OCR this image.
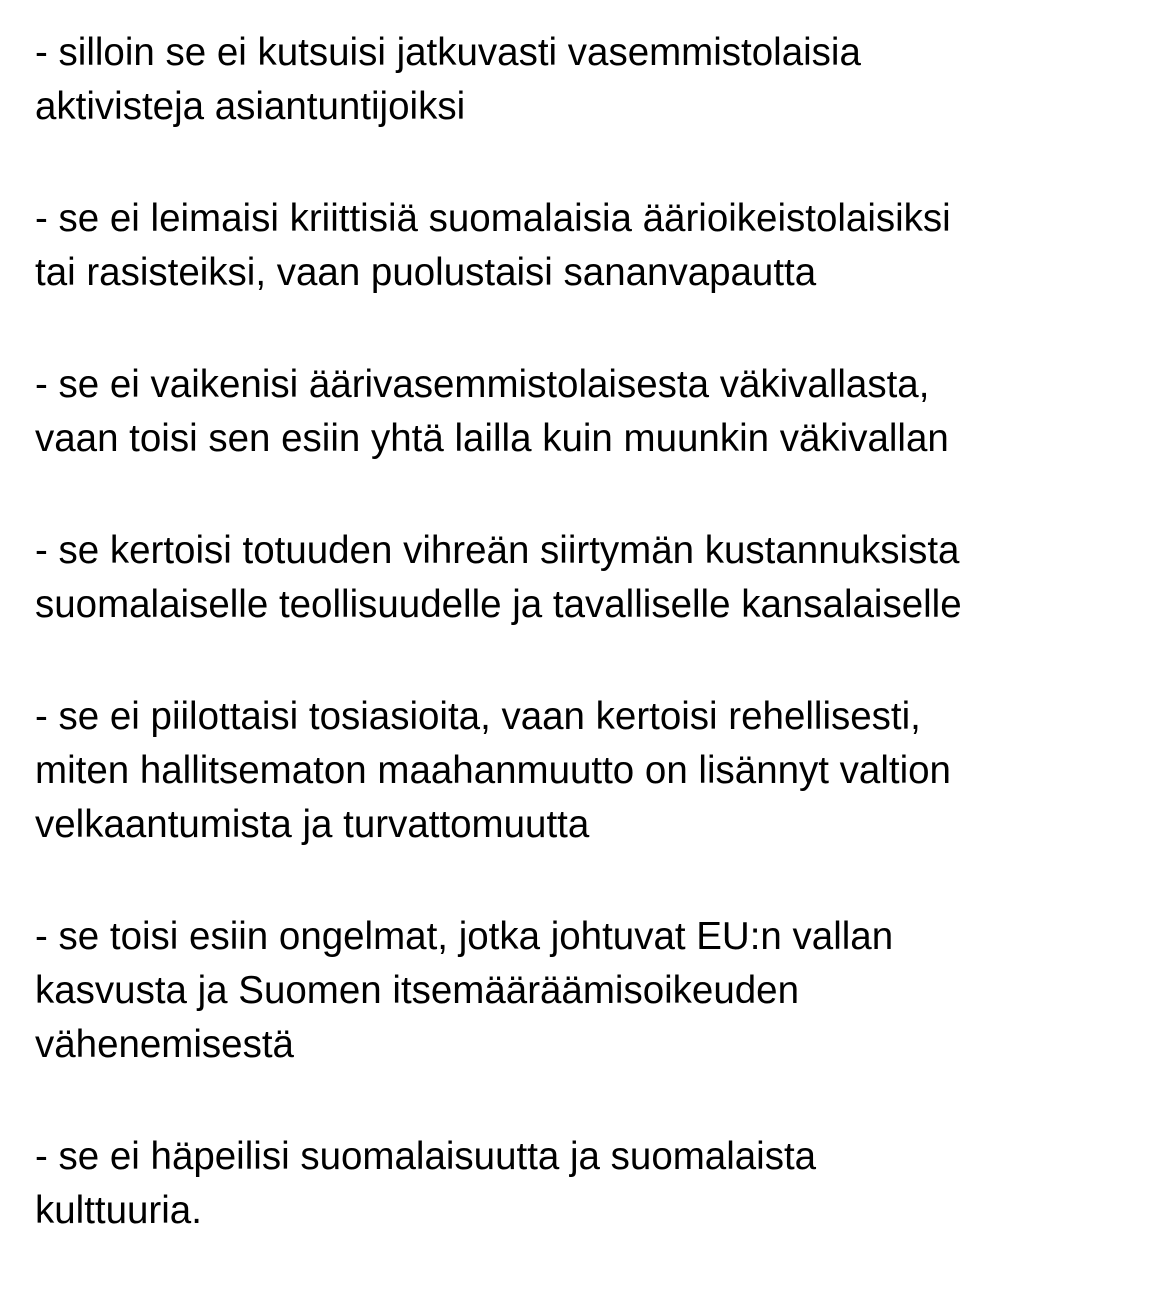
- silloin se ei kutsuisi jatkuvasti vasemmistolaisia
aktivisteja asiantuntijoiksi

- se ei leimaisi kriittisiä suomalaisia äärioikeistolaisiksi
tai rasisteiksi, vaan puolustaisi sananvapautta

- se ei vaikenisi äärivasemmistolaisesta väkivallasta,
vaan toisi sen esiin yhtä lailla kuin muunkin väkivallan

- se kertoisi totuuden vihreän siirtymän kustannuksista
suomalaiselle teollisuudelle ja tavalliselle kansalaiselle

- se ei piilottaisi tosiasioita, vaan kertoisi rehellisesti,
miten hallitsematon maahanmuutto on lisännyt valtion
velkaantumista ja turvattomuutta

- se toisi esiin ongelmat, jotka johtuvat EU:n vallan
kasvusta ja Suomen itsemääräämisoikeuden
vähenemisestä

- se ei häpeilisi suomalaisuutta ja suomalaista
kulttuuria.
